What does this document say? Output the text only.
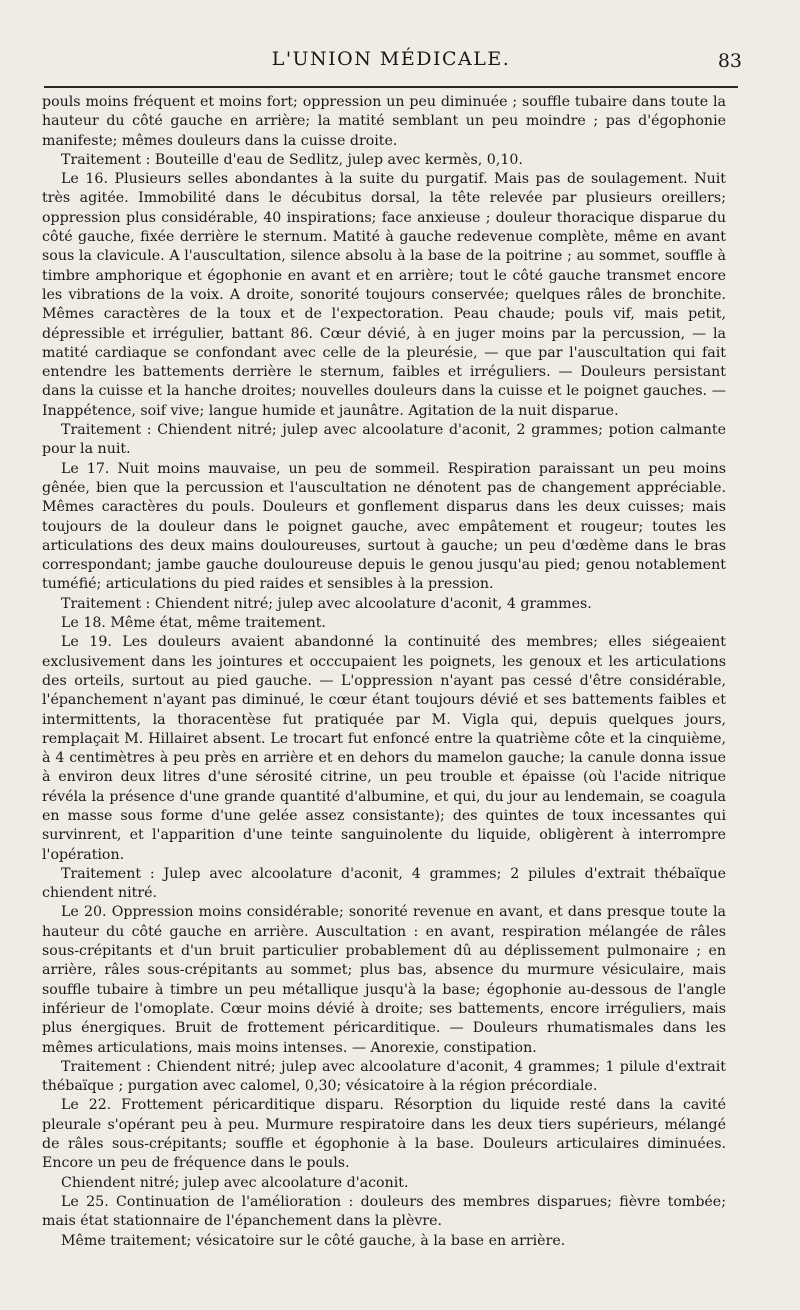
L'UNION MÉDICALE.	83

pouls moins fréquent et moins fort; oppression un peu diminuée ; souffle tubaire dans toute la hauteur du côté gauche en arrière; la matité semblant un peu moindre ; pas d'égophonie manifeste; mêmes douleurs dans la cuisse droite.

Traitement : Bouteille d'eau de Sedlitz, julep avec kermès, 0,10.

Le 16. Plusieurs selles abondantes à la suite du purgatif. Mais pas de soulagement. Nuit très agitée. Immobilité dans le décubitus dorsal, la tête relevée par plusieurs oreillers; oppression plus considérable, 40 inspirations; face anxieuse ; douleur thoracique disparue du côté gauche, fixée derrière le sternum. Matité à gauche redevenue complète, même en avant sous la clavicule. A l'auscultation, silence absolu à la base de la poitrine ; au sommet, souffle à timbre amphorique et égophonie en avant et en arrière; tout le côté gauche transmet encore les vibrations de la voix. A droite, sonorité toujours conservée; quelques râles de bronchite. Mêmes caractères de la toux et de l'expectoration. Peau chaude; pouls vif, mais petit, dépressible et irrégulier, battant 86. Cœur dévié, à en juger moins par la percussion, — la matité cardiaque se confondant avec celle de la pleurésie, — que par l'auscultation qui fait entendre les battements derrière le sternum, faibles et irréguliers. — Douleurs persistant dans la cuisse et la hanche droites; nouvelles douleurs dans la cuisse et le poignet gauches. — Inappétence, soif vive; langue humide et jaunâtre. Agitation de la nuit disparue.

Traitement : Chiendent nitré; julep avec alcoolature d'aconit, 2 grammes; potion calmante pour la nuit.

Le 17. Nuit moins mauvaise, un peu de sommeil. Respiration paraissant un peu moins gênée, bien que la percussion et l'auscultation ne dénotent pas de changement appréciable. Mêmes caractères du pouls. Douleurs et gonflement disparus dans les deux cuisses; mais toujours de la douleur dans le poignet gauche, avec empâtement et rougeur; toutes les articulations des deux mains douloureuses, surtout à gauche; un peu d'œdème dans le bras correspondant; jambe gauche douloureuse depuis le genou jusqu'au pied; genou notablement tuméfié; articulations du pied raides et sensibles à la pression.

Traitement : Chiendent nitré; julep avec alcoolature d'aconit, 4 grammes.

Le 18. Même état, même traitement.

Le 19. Les douleurs avaient abandonné la continuité des membres; elles siégeaient exclusivement dans les jointures et occcupaient les poignets, les genoux et les articulations des orteils, surtout au pied gauche. — L'oppression n'ayant pas cessé d'être considérable, l'épanchement n'ayant pas diminué, le cœur étant toujours dévié et ses battements faibles et intermittents, la thoracentèse fut pratiquée par M. Vigla qui, depuis quelques jours, remplaçait M. Hillairet absent. Le trocart fut enfoncé entre la quatrième côte et la cinquième, à 4 centimètres à peu près en arrière et en dehors du mamelon gauche; la canule donna issue à environ deux litres d'une sérosité citrine, un peu trouble et épaisse (où l'acide nitrique révéla la présence d'une grande quantité d'albumine, et qui, du jour au lendemain, se coagula en masse sous forme d'une gelée assez consistante); des quintes de toux incessantes qui survinrent, et l'apparition d'une teinte sanguinolente du liquide, obligèrent à interrompre l'opération.

Traitement : Julep avec alcoolature d'aconit, 4 grammes; 2 pilules d'extrait thébaïque chiendent nitré.

Le 20. Oppression moins considérable; sonorité revenue en avant, et dans presque toute la hauteur du côté gauche en arrière. Auscultation : en avant, respiration mélangée de râles sous-crépitants et d'un bruit particulier probablement dû au déplissement pulmonaire ; en arrière, râles sous-crépitants au sommet; plus bas, absence du murmure vésiculaire, mais souffle tubaire à timbre un peu métallique jusqu'à la base; égophonie au-dessous de l'angle inférieur de l'omoplate. Cœur moins dévié à droite; ses battements, encore irréguliers, mais plus énergiques. Bruit de frottement péricarditique. — Douleurs rhumatismales dans les mêmes articulations, mais moins intenses. — Anorexie, constipation.

Traitement : Chiendent nitré; julep avec alcoolature d'aconit, 4 grammes; 1 pilule d'extrait thébaïque ; purgation avec calomel, 0,30; vésicatoire à la région précordiale.

Le 22. Frottement péricarditique disparu. Résorption du liquide resté dans la cavité pleurale s'opérant peu à peu. Murmure respiratoire dans les deux tiers supérieurs, mélangé de râles sous-crépitants; souffle et égophonie à la base. Douleurs articulaires diminuées. Encore un peu de fréquence dans le pouls.

Chiendent nitré; julep avec alcoolature d'aconit.

Le 25. Continuation de l'amélioration : douleurs des membres disparues; fièvre tombée; mais état stationnaire de l'épanchement dans la plèvre.

Même traitement; vésicatoire sur le côté gauche, à la base en arrière.
